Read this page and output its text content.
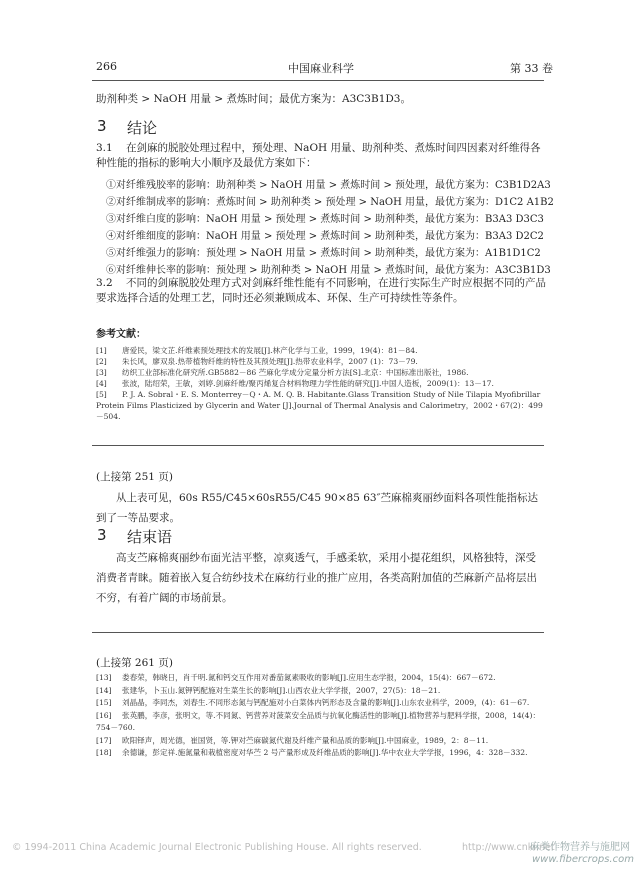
266	中国麻业科学	第 33 卷
助剂种类 > NaOH 用量 > 煮炼时间；最优方案为：A3C3B1D3。
3 结论
3.1	在剑麻的脱胶处理过程中，预处理、NaOH 用量、助剂种类、煮炼时间四因素对纤维得各种性能的指标的影响大小顺序及最优方案如下：
①对纤维残胶率的影响：助剂种类 > NaOH 用量 > 煮炼时间 > 预处理，最优方案为：C3B1D2A3
②对纤维制成率的影响：煮炼时间 > 助剂种类 > 预处理 > NaOH 用量，最优方案为：D1C2 A1B2
③对纤维白度的影响：NaOH 用量 > 预处理 > 煮炼时间 > 助剂种类，最优方案为：B3A3 D3C3
④对纤维细度的影响：NaOH 用量 > 预处理 > 煮炼时间 > 助剂种类，最优方案为：B3A3 D2C2
⑤对纤维强力的影响：预处理 > NaOH 用量 > 煮炼时间 > 助剂种类，最优方案为：A1B1D1C2
⑥对纤维伸长率的影响：预处理 > 助剂种类 > NaOH 用量 > 煮炼时间，最优方案为：A3C3B1D3
3.2	不同的剑麻脱胶处理方式对剑麻纤维性能有不同影响，在进行实际生产时应根据不同的产品要求选择合适的处理工艺，同时还必须兼顾成本、环保、生产可持续性等条件。
参考文献：
[1] 唐爱民，梁文芷.纤维素预处理技术的发展[J].林产化学与工业，1999，19(4)：81－84.
[2] 朱长风，廖双泉.热带植物纤维的特性及其预处理[J].热带农业科学，2007 (1)：73－79.
[3] 纺织工业部标准化研究所.GB5882－86 苎麻化学成分定量分析方法[S].北京：中国标准出版社，1986.
[4] 张波，陆绍荣，王敏，刘婷.剑麻纤维/聚丙烯复合材料物理力学性能的研究[J].中国人造板，2009(1)：13－17.
[5] P. J. A. Sobral・E. S. Monterrey－Q・A. M. Q. B. Habitante.Glass Transition Study of Nile Tilapia Myofibrillar Protein Films Plasticized by Glycerin and Water [J].Journal of Thermal Analysis and Calorimetry，2002・67(2)：499－504.
(上接第 251 页)
从上表可见，60s R55/C45×60sR55/C45 90×85 63″苎麻棉爽丽纱面料各项性能指标达到了一等品要求。
3 结束语
高支苎麻棉爽丽纱布面光洁平整，凉爽透气，手感柔软，采用小提花组织，风格独特，深受消费者青睐。随着嵌入复合纺纱技术在麻纺行业的推广应用，各类高附加值的苎麻新产品将层出不穷，有着广阔的市场前景。
(上接第 261 页)
[13] 娄春荣，韩晓日，肖千明.氮和钙交互作用对番茄氮素吸收的影响[J].应用生态学报，2004，15(4)：667－672.
[14] 张建华，卜玉山.氮钾钙配施对生菜生长的影响[J].山西农业大学学报，2007，27(5)：18－21.
[15] 刘晶晶，李同杰，刘春生.不同形态氮与钙配施对小白菜体内钙形态及含量的影响[J].山东农业科学，2009，(4)：61－67.
[16] 张英鹏，李彦，张明文，等.不同氮、钙营养对菠菜安全品质与抗氧化酶活性的影响[J].植物营养与肥料学报，2008，14(4)：754－760.
[17] 欧阳铎声，周光德，崔国贤，等.钾对苎麻碳氮代谢及纤维产量和品质的影响[J].中国麻业，1989，2：8－11.
[18] 余德谦，彭定祥.施氮量和栽植密度对华苎 2 号产量形成及纤维品质的影响[J].华中农业大学学报，1996，4：328－332.
© 1994-2011 China Academic Journal Electronic Publishing House. All rights reserved.	http://www.cnki.net
麻类作物营养与施肥网
www.fibercrops.com
